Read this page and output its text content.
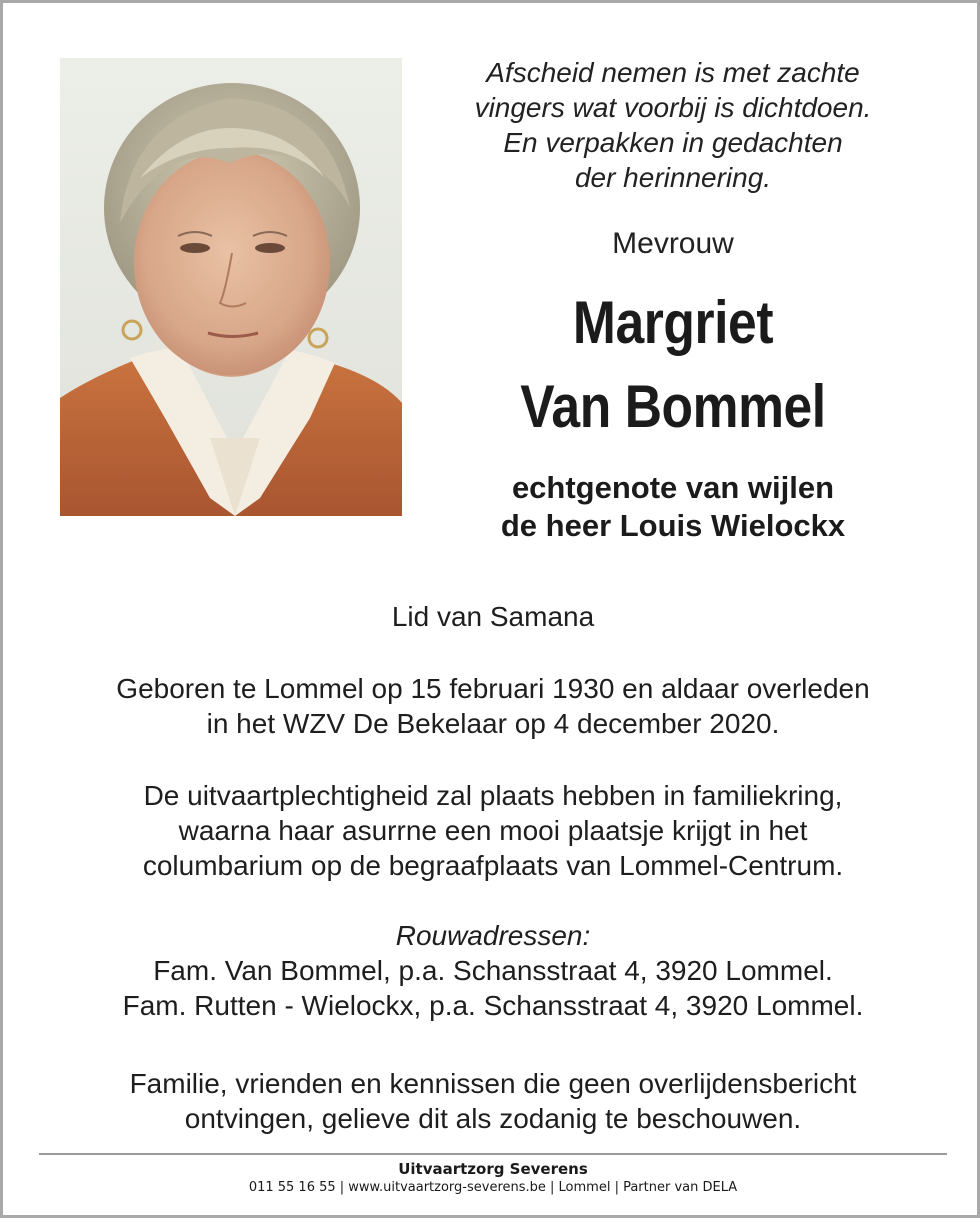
Afscheid nemen is met zachte
vingers wat voorbij is dichtdoen.
En verpakken in gedachten
der herinnering.
Mevrouw
Margriet
Van Bommel
echtgenote van wijlen
de heer Louis Wielockx
Lid van Samana
Geboren te Lommel op 15 februari 1930 en aldaar overleden
in het WZV De Bekelaar op 4 december 2020.
De uitvaartplechtigheid zal plaats hebben in familiekring,
waarna haar asurrne een mooi plaatsje krijgt in het
columbarium op de begraafplaats van Lommel-Centrum.
Rouwadressen:
Fam. Van Bommel, p.a. Schansstraat 4, 3920 Lommel.
Fam. Rutten - Wielockx, p.a. Schansstraat 4, 3920 Lommel.
Familie, vrienden en kennissen die geen overlijdensbericht
ontvingen, gelieve dit als zodanig te beschouwen.
Uitvaartzorg Severens
011 55 16 55 | www.uitvaartzorg-severens.be | Lommel | Partner van DELA
